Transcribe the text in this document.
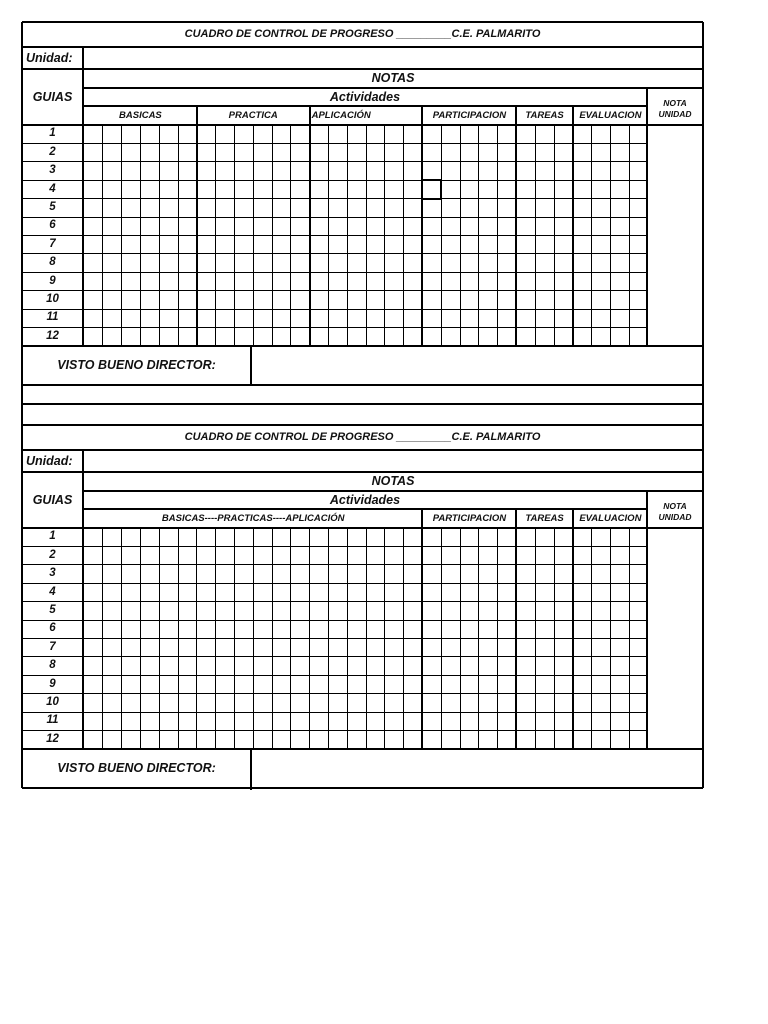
CUADRO DE CONTROL DE PROGRESO _________C.E. PALMARITO
Unidad:
NOTAS
Actividades
GUIAS	NOTA UNIDAD
BASICAS	PRACTICA	APLICACIÓN	PARTICIPACION	TAREAS	EVALUACION
1
2
3
4
5
6
7
8
9
10
11
12
VISTO BUENO DIRECTOR:
CUADRO DE CONTROL DE PROGRESO _________C.E. PALMARITO
Unidad:
NOTAS
Actividades
GUIAS	NOTA UNIDAD
BASICAS----PRACTICAS----APLICACIÓN	PARTICIPACION	TAREAS	EVALUACION
1
2
3
4
5
6
7
8
9
10
11
12
VISTO BUENO DIRECTOR:
